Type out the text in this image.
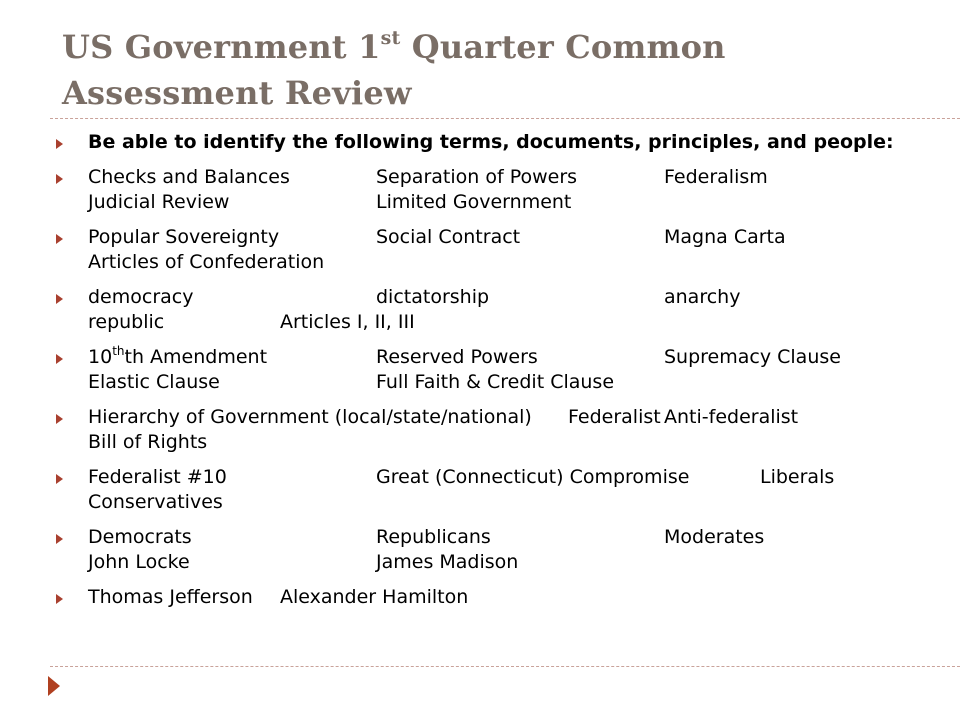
US Government 1st Quarter Common Assessment Review
Be able to identify the following terms, documents, principles, and people:
Checks and Balances	Separation of Powers	Federalism	Judicial Review		Limited Government
Popular Sovereignty	Social Contract		Magna Carta		Articles of Confederation
democracy		dictatorship		anarchy		republic		Articles I, II, III
10thth Amendment		Reserved Powers		Supremacy Clause	Elastic Clause		Full Faith & Credit Clause
Hierarchy of Government (local/state/national)	Federalist	Anti-federalist		Bill of Rights
Federalist #10		Great (Connecticut) Compromise	Liberals		Conservatives
Democrats		Republicans		Moderates		John Locke		James Madison
Thomas Jefferson	Alexander Hamilton
